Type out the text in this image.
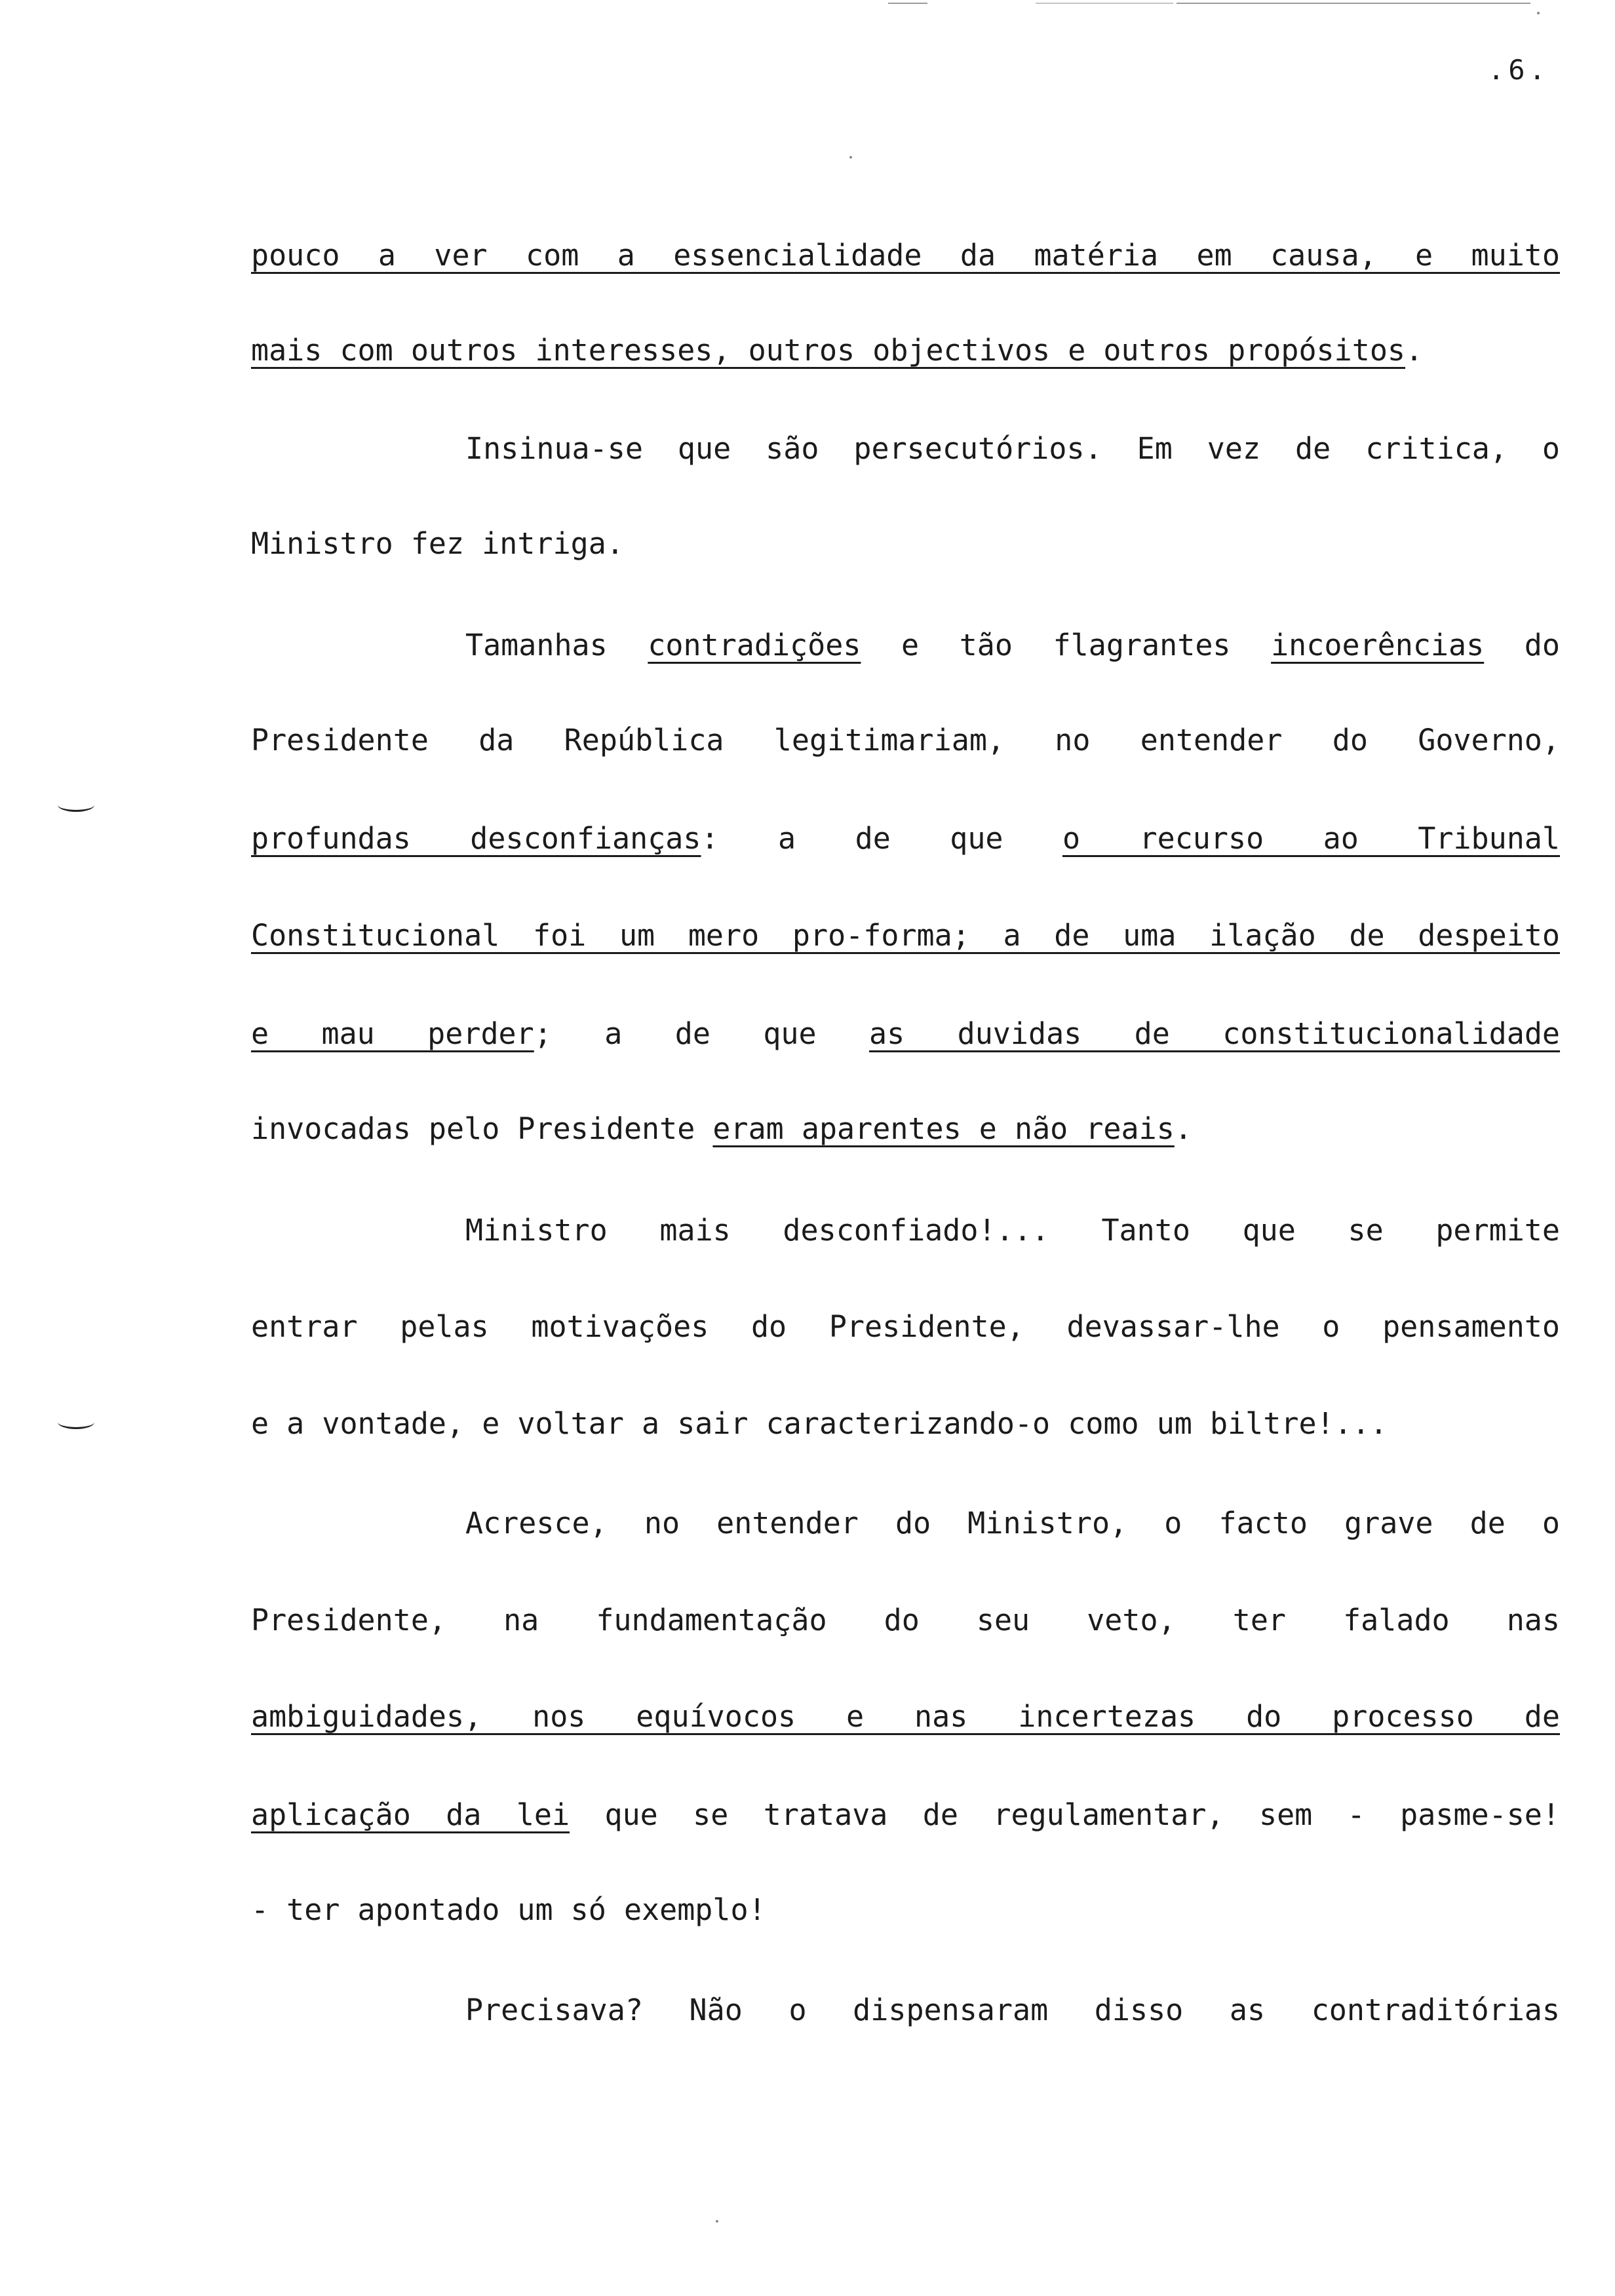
.6.
pouco a ver com a essencialidade da matéria em causa, e muito
mais com outros interesses, outros objectivos e outros propósitos.
Insinua-se que são persecutórios. Em vez de critica, o
Ministro fez intriga.
Tamanhas contradições e tão flagrantes incoerências do
Presidente da República legitimariam, no entender do Governo,
profundas desconfianças: a de que o recurso ao Tribunal
Constitucional foi um mero pro-forma; a de uma ilação de despeito
e mau perder; a de que as duvidas de constitucionalidade
invocadas pelo Presidente eram aparentes e não reais.
Ministro mais desconfiado!... Tanto que se permite
entrar pelas motivações do Presidente, devassar-lhe o pensamento
e a vontade, e voltar a sair caracterizando-o como um biltre!...
Acresce, no entender do Ministro, o facto grave de o
Presidente, na fundamentação do seu veto, ter falado nas
ambiguidades, nos equívocos e nas incertezas do processo de
aplicação da lei que se tratava de regulamentar, sem - pasme-se!
- ter apontado um só exemplo!
Precisava? Não o dispensaram disso as contraditórias
